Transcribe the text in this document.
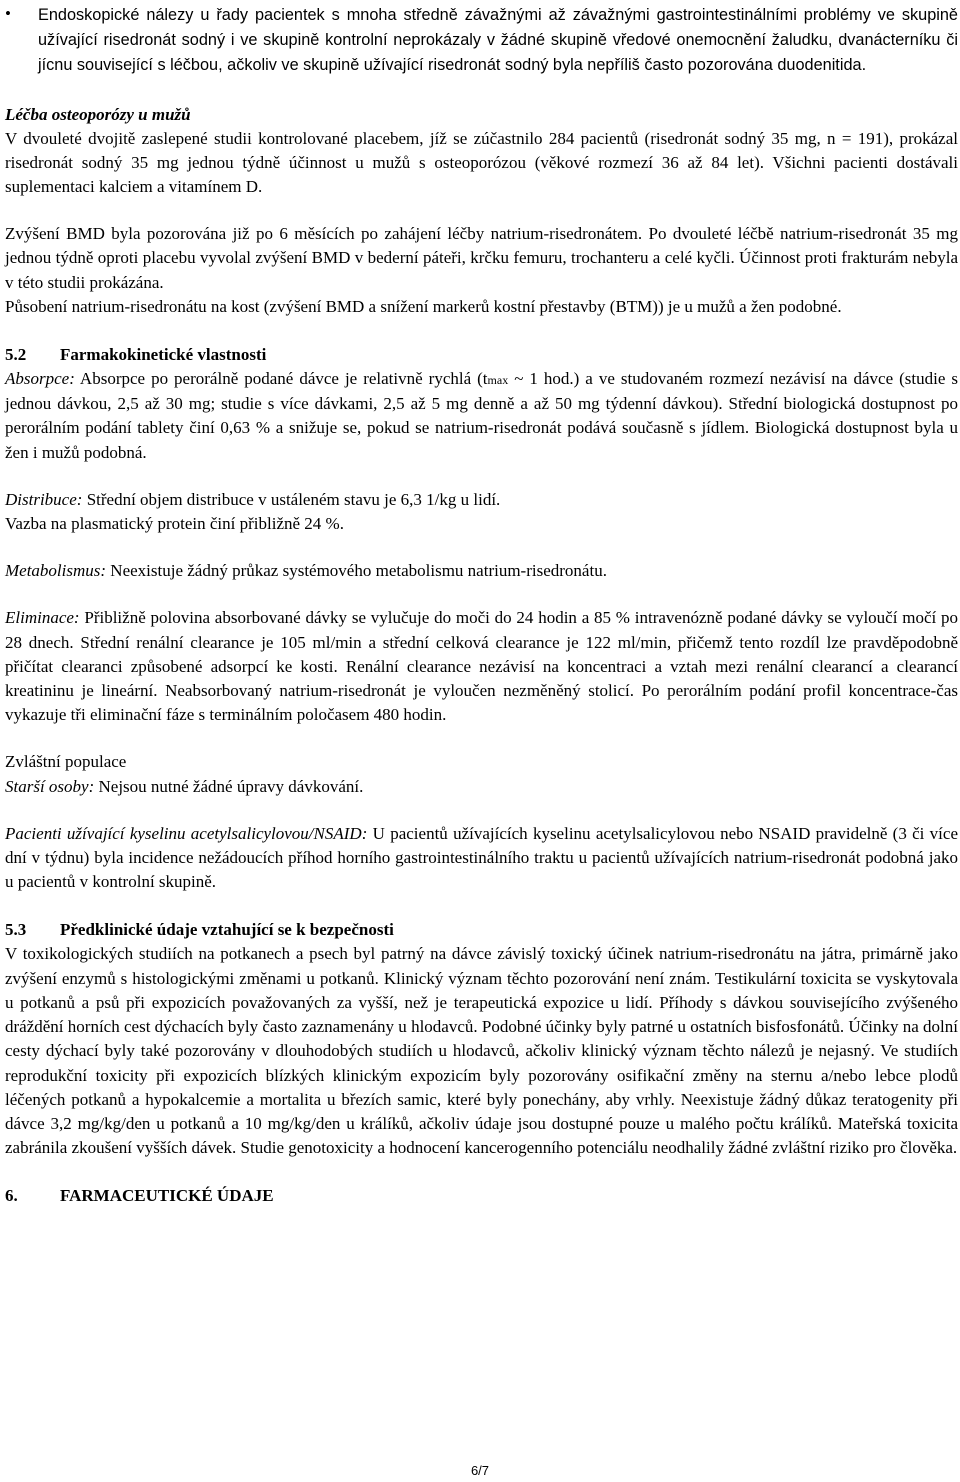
• Endoskopické nálezy u řady pacientek s mnoha středně závažnými až závažnými gastrointestinálními problémy ve skupině užívající risedronát sodný i ve skupině kontrolní neprokázaly v žádné skupině vředové onemocnění žaludku, dvanácterníku či jícnu související s léčbou, ačkoliv ve skupině užívající risedronát sodný byla nepříliš často pozorována duodenitida.

Léčba osteoporózy u mužů

V dvouleté dvojitě zaslepené studii kontrolované placebem, jíž se zúčastnilo 284 pacientů (risedronát sodný 35 mg, n = 191), prokázal risedronát sodný 35 mg jednou týdně účinnost u mužů s osteoporózou (věkové rozmezí 36 až 84 let). Všichni pacienti dostávali suplementaci kalciem a vitamínem D.

Zvýšení BMD byla pozorována již po 6 měsících po zahájení léčby natrium-risedronátem. Po dvouleté léčbě natrium-risedronát 35 mg jednou týdně oproti placebu vyvolal zvýšení BMD v bederní páteři, krčku femuru, trochanteru a celé kyčli. Účinnost proti frakturám nebyla v této studii prokázána.

Působení natrium-risedronátu na kost (zvýšení BMD a snížení markerů kostní přestavby (BTM)) je u mužů a žen podobné.

5.2 Farmakokinetické vlastnosti

Absorpce: Absorpce po perorálně podané dávce je relativně rychlá (tmax ~ 1 hod.) a ve studovaném rozmezí nezávisí na dávce (studie s jednou dávkou, 2,5 až 30 mg; studie s více dávkami, 2,5 až 5 mg denně a až 50 mg týdenní dávkou). Střední biologická dostupnost po perorálním podání tablety činí 0,63 % a snižuje se, pokud se natrium-risedronát podává současně s jídlem. Biologická dostupnost byla u žen i mužů podobná.

Distribuce: Střední objem distribuce v ustáleném stavu je 6,3 1/kg u lidí.

Vazba na plasmatický protein činí přibližně 24 %.

Metabolismus: Neexistuje žádný průkaz systémového metabolismu natrium-risedronátu.

Eliminace: Přibližně polovina absorbované dávky se vylučuje do moči do 24 hodin a 85 % intravenózně podané dávky se vyloučí močí po 28 dnech. Střední renální clearance je 105 ml/min a střední celková clearance je 122 ml/min, přičemž tento rozdíl lze pravděpodobně přičítat clearanci způsobené adsorpcí ke kosti. Renální clearance nezávisí na koncentraci a vztah mezi renální clearancí a clearancí kreatininu je lineární. Neabsorbovaný natrium-risedronát je vyloučen nezměněný stolicí. Po perorálním podání profil koncentrace-čas vykazuje tři eliminační fáze s terminálním poločasem 480 hodin.

Zvláštní populace

Starší osoby: Nejsou nutné žádné úpravy dávkování.

Pacienti užívající kyselinu acetylsalicylovou/NSAID: U pacientů užívajících kyselinu acetylsalicylovou nebo NSAID pravidelně (3 či více dní v týdnu) byla incidence nežádoucích příhod horního gastrointestinálního traktu u pacientů užívajících natrium-risedronát podobná jako u pacientů v kontrolní skupině.

5.3 Předklinické údaje vztahující se k bezpečnosti

V toxikologických studiích na potkanech a psech byl patrný na dávce závislý toxický účinek natrium-risedronátu na játra, primárně jako zvýšení enzymů s histologickými změnami u potkanů. Klinický význam těchto pozorování není znám. Testikulární toxicita se vyskytovala u potkanů a psů při expozicích považovaných za vyšší, než je terapeutická expozice u lidí. Příhody s dávkou souvisejícího zvýšeného dráždění horních cest dýchacích byly často zaznamenány u hlodavců. Podobné účinky byly patrné u ostatních bisfosfonátů. Účinky na dolní cesty dýchací byly také pozorovány v dlouhodobých studiích u hlodavců, ačkoliv klinický význam těchto nálezů je nejasný. Ve studiích reprodukční toxicity při expozicích blízkých klinickým expozicím byly pozorovány osifikační změny na sternu a/nebo lebce plodů léčených potkanů a hypokalcemie a mortalita u březích samic, které byly ponechány, aby vrhly. Neexistuje žádný důkaz teratogenity při dávce 3,2 mg/kg/den u potkanů a 10 mg/kg/den u králíků, ačkoliv údaje jsou dostupné pouze u malého počtu králíků. Mateřská toxicita zabránila zkoušení vyšších dávek. Studie genotoxicity a hodnocení kancerogenního potenciálu neodhalily žádné zvláštní riziko pro člověka.

6. FARMACEUTICKÉ ÚDAJE

6/7
